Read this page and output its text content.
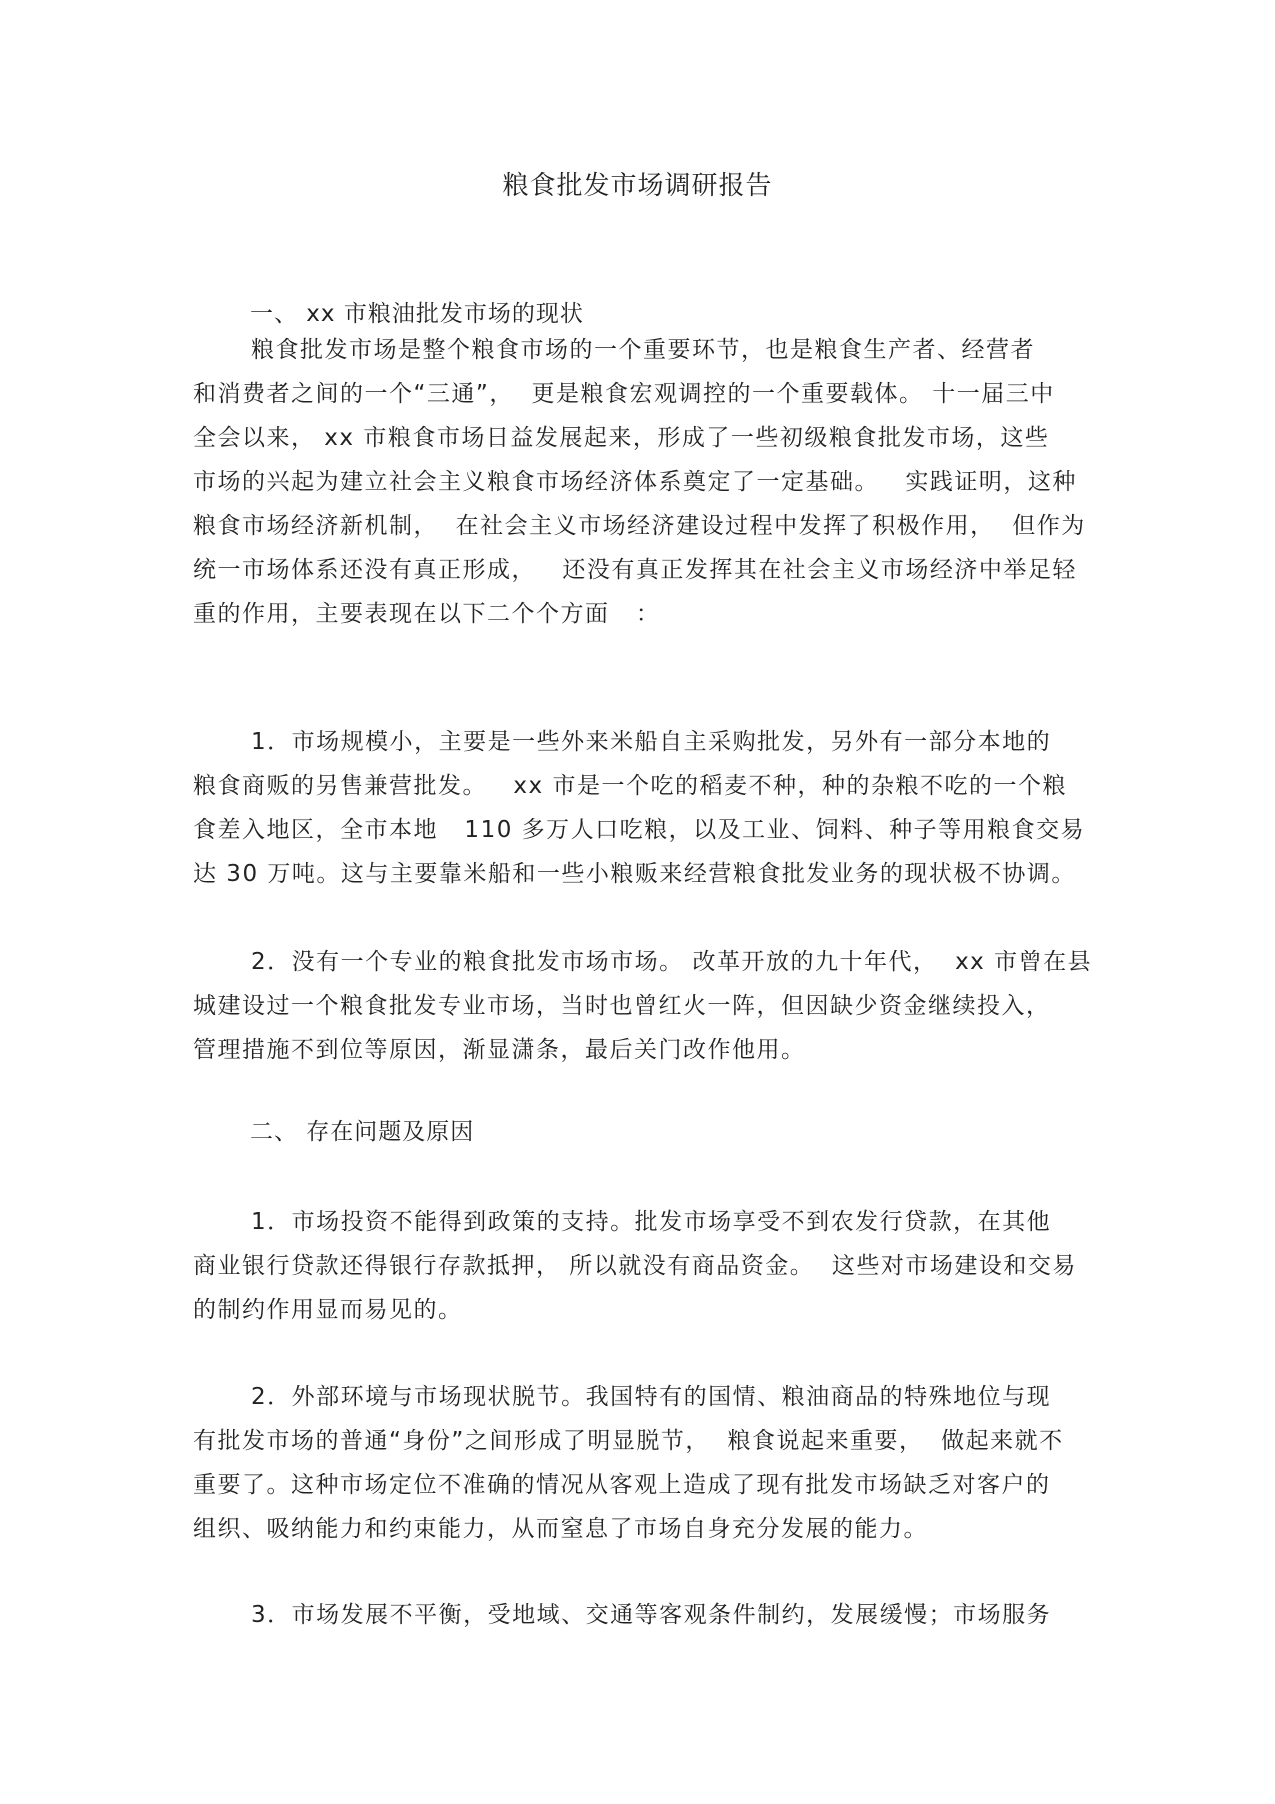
粮食批发市场调研报告
一、 xx 市粮油批发市场的现状
粮食批发市场是整个粮食市场的一个重要环节，也是粮食生产者、经营者
和消费者之间的一个“三通”，  更是粮食宏观调控的一个重要载体。 十一届三中
全会以来， xx 市粮食市场日益发展起来，形成了一些初级粮食批发市场，这些
市场的兴起为建立社会主义粮食市场经济体系奠定了一定基础。   实践证明，这种
粮食市场经济新机制，  在社会主义市场经济建设过程中发挥了积极作用，  但作为
统一市场体系还没有真正形成，   还没有真正发挥其在社会主义市场经济中举足轻
重的作用，主要表现在以下二个个方面   ：
1．市场规模小，主要是一些外来米船自主采购批发，另外有一部分本地的
粮食商贩的另售兼营批发。   xx 市是一个吃的稻麦不种，种的杂粮不吃的一个粮
食差入地区，全市本地   110 多万人口吃粮，以及工业、饲料、种子等用粮食交易
达 30 万吨。这与主要靠米船和一些小粮贩来经营粮食批发业务的现状极不协调。
2．没有一个专业的粮食批发市场市场。 改革开放的九十年代，  xx 市曾在县
城建设过一个粮食批发专业市场，当时也曾红火一阵，但因缺少资金继续投入，
管理措施不到位等原因，渐显潇条，最后关门改作他用。
二、 存在问题及原因
1．市场投资不能得到政策的支持。批发市场享受不到农发行贷款，在其他
商业银行贷款还得银行存款抵押， 所以就没有商品资金。  这些对市场建设和交易
的制约作用显而易见的。
2．外部环境与市场现状脱节。我国特有的国情、粮油商品的特殊地位与现
有批发市场的普通“身份”之间形成了明显脱节，  粮食说起来重要，  做起来就不
重要了。这种市场定位不准确的情况从客观上造成了现有批发市场缺乏对客户的
组织、吸纳能力和约束能力，从而窒息了市场自身充分发展的能力。
3．市场发展不平衡，受地域、交通等客观条件制约，发展缓慢；市场服务
